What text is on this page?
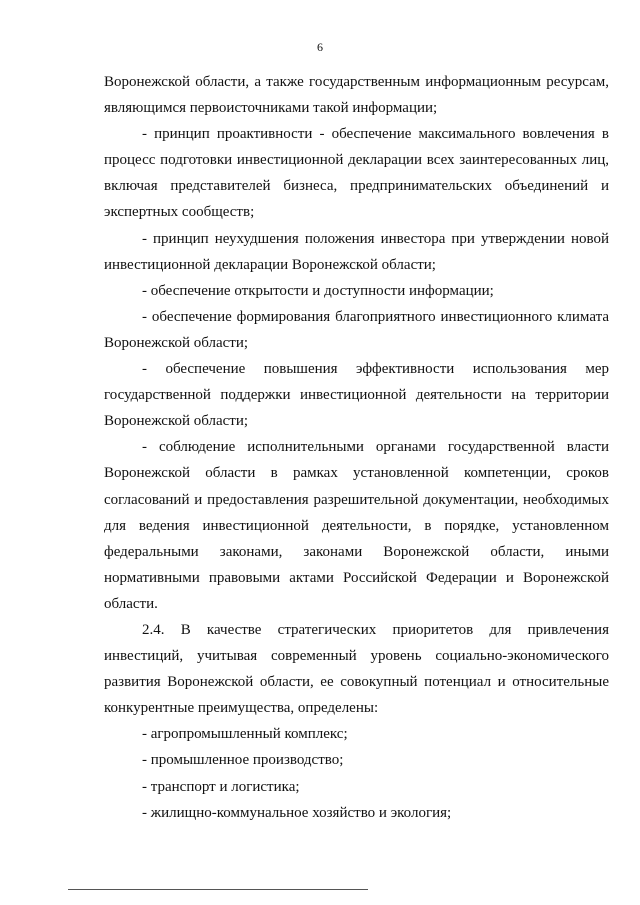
6

Воронежской области, а также государственным информационным ресурсам, являющимся первоисточниками такой информации;

- принцип проактивности - обеспечение максимального вовлечения в процесс подготовки инвестиционной декларации всех заинтересованных лиц, включая представителей бизнеса, предпринимательских объединений и экспертных сообществ;

- принцип неухудшения положения инвестора при утверждении новой инвестиционной декларации Воронежской области;

- обеспечение открытости и доступности информации;

- обеспечение формирования благоприятного инвестиционного климата Воронежской области;

- обеспечение повышения эффективности использования мер государственной поддержки инвестиционной деятельности на территории Воронежской области;

- соблюдение исполнительными органами государственной власти Воронежской области в рамках установленной компетенции, сроков согласований и предоставления разрешительной документации, необходимых для ведения инвестиционной деятельности, в порядке, установленном федеральными законами, законами Воронежской области, иными нормативными правовыми актами Российской Федерации и Воронежской области.

2.4. В качестве стратегических приоритетов для привлечения инвестиций, учитывая современный уровень социально-экономического развития Воронежской области, ее совокупный потенциал и относительные конкурентные преимущества, определены:

- агропромышленный комплекс;

- промышленное производство;

- транспорт и логистика;

- жилищно-коммунальное хозяйство и экология;
